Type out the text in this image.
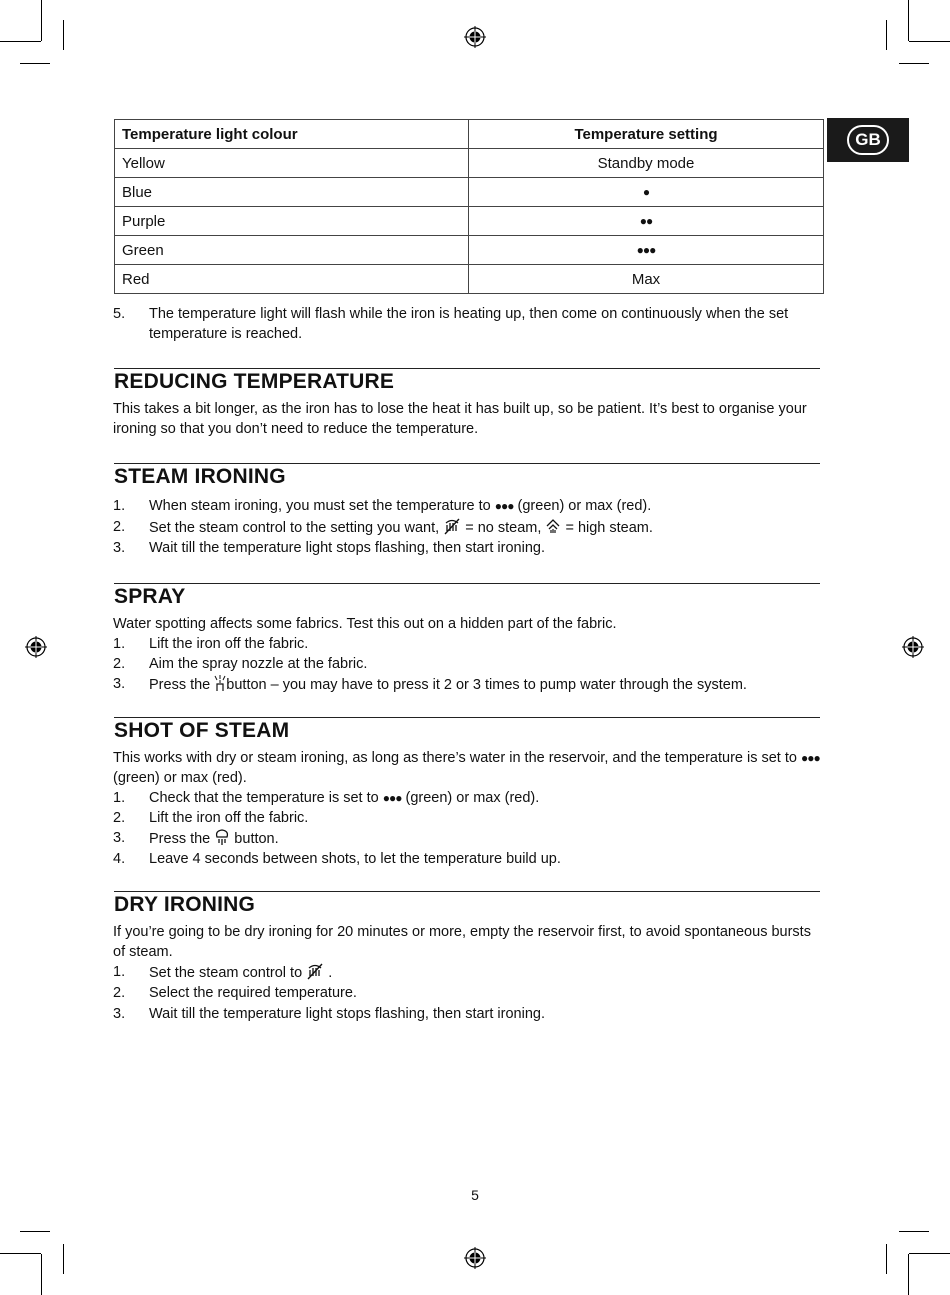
GB
Temperature light colour	Temperature setting
Yellow	Standby mode
Blue	●
Purple	●●
Green	●●●
Red	Max
5.	The temperature light will flash while the iron is heating up, then come on continuously when the set temperature is reached.
REDUCING TEMPERATURE
This takes a bit longer, as the iron has to lose the heat it has built up, so be patient. It’s best to organise your ironing so that you don’t need to reduce the temperature.
STEAM IRONING
1. When steam ironing, you must set the temperature to ●●● (green) or max (red).
2. Set the steam control to the setting you want,  = no steam,  = high steam.
3. Wait till the temperature light stops flashing, then start ironing.
SPRAY
Water spotting affects some fabrics. Test this out on a hidden part of the fabric.
1. Lift the iron off the fabric.
2. Aim the spray nozzle at the fabric.
3. Press the button – you may have to press it 2 or 3 times to pump water through the system.
SHOT OF STEAM
This works with dry or steam ironing, as long as there’s water in the reservoir, and the temperature is set to ●●● (green) or max (red).
1. Check that the temperature is set to ●●● (green) or max (red).
2. Lift the iron off the fabric.
3. Press the  button.
4. Leave 4 seconds between shots, to let the temperature build up.
DRY IRONING
If you’re going to be dry ironing for 20 minutes or more, empty the reservoir first, to avoid spontaneous bursts of steam.
1. Set the steam control to  .
2. Select the required temperature.
3. Wait till the temperature light stops flashing, then start ironing.
5
